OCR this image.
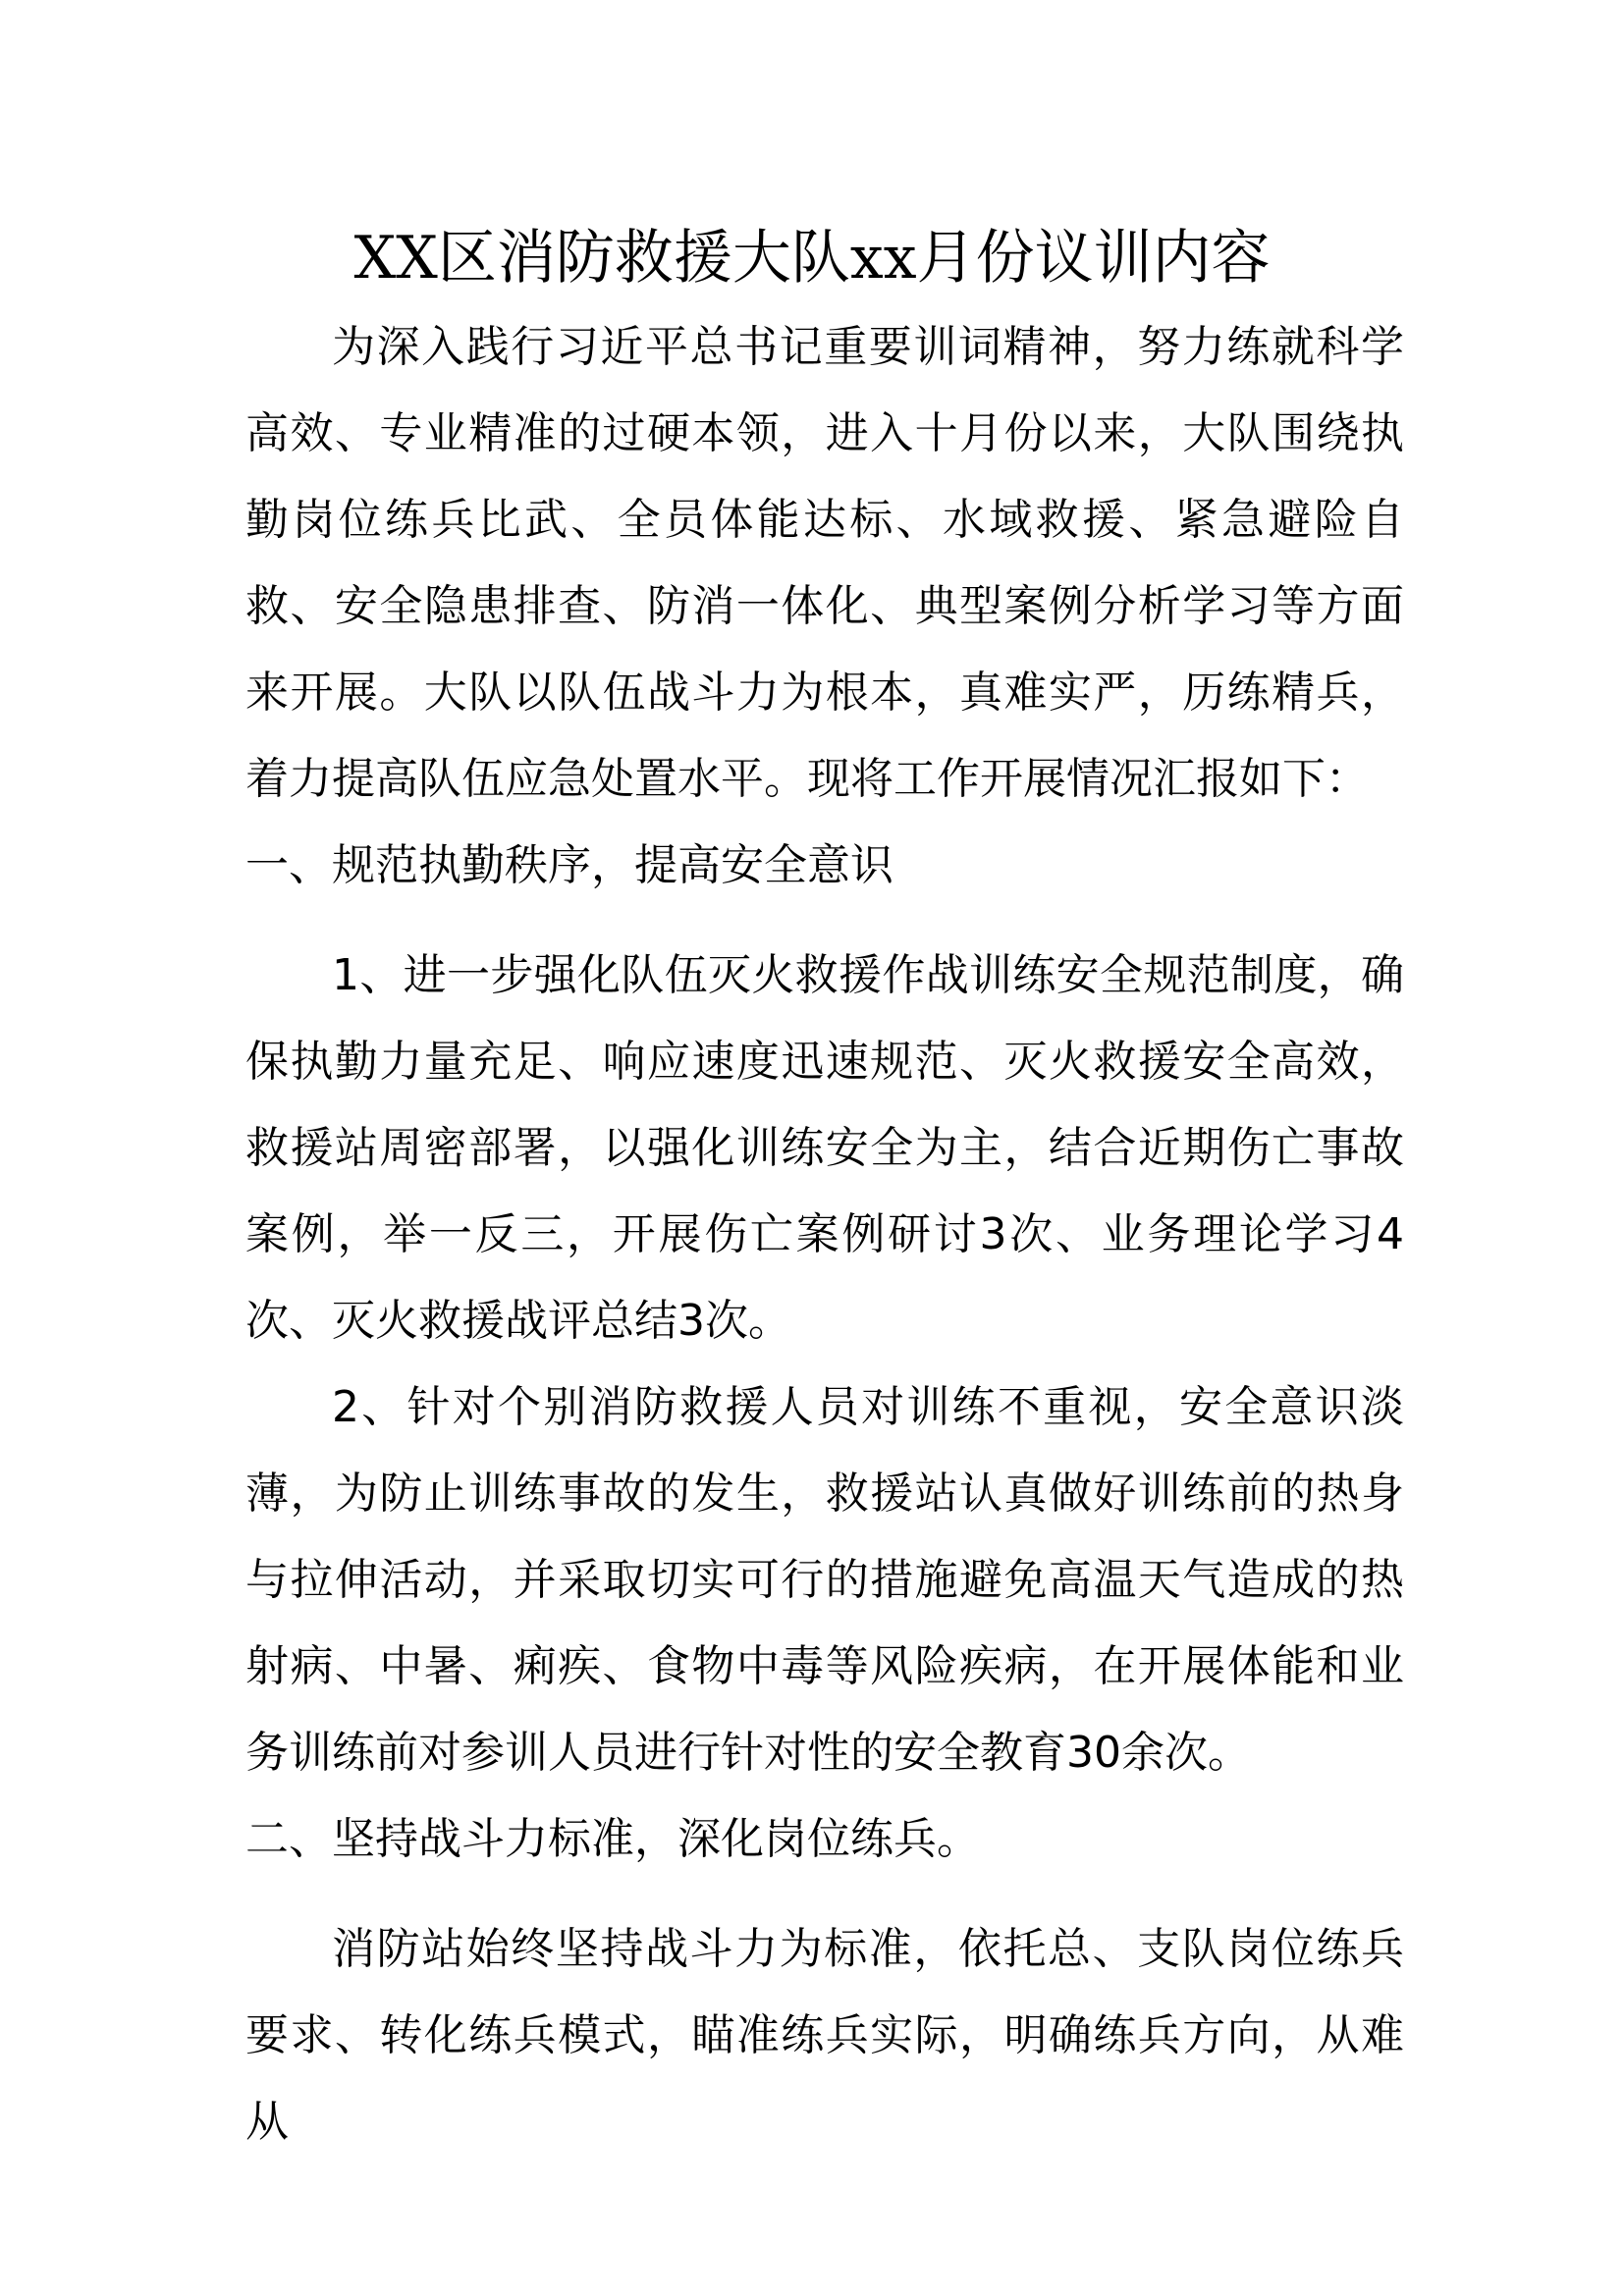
XX区消防救援大队xx月份议训内容

为深入践行习近平总书记重要训词精神，努力练就科学高效、专业精准的过硬本领，进入十月份以来，大队围绕执勤岗位练兵比武、全员体能达标、水域救援、紧急避险自救、安全隐患排查、防消一体化、典型案例分析学习等方面来开展。大队以队伍战斗力为根本，真难实严，历练精兵，着力提高队伍应急处置水平。现将工作开展情况汇报如下：

一、规范执勤秩序，提高安全意识

1、进一步强化队伍灭火救援作战训练安全规范制度，确保执勤力量充足、响应速度迅速规范、灭火救援安全高效，救援站周密部署，以强化训练安全为主，结合近期伤亡事故案例，举一反三，开展伤亡案例研讨3次、业务理论学习4次、灭火救援战评总结3次。

2、针对个别消防救援人员对训练不重视，安全意识淡薄，为防止训练事故的发生，救援站认真做好训练前的热身与拉伸活动，并采取切实可行的措施避免高温天气造成的热射病、中暑、痢疾、食物中毒等风险疾病，在开展体能和业务训练前对参训人员进行针对性的安全教育30余次。

二、坚持战斗力标准，深化岗位练兵。

消防站始终坚持战斗力为标准，依托总、支队岗位练兵要求、转化练兵模式，瞄准练兵实际，明确练兵方向，从难从
